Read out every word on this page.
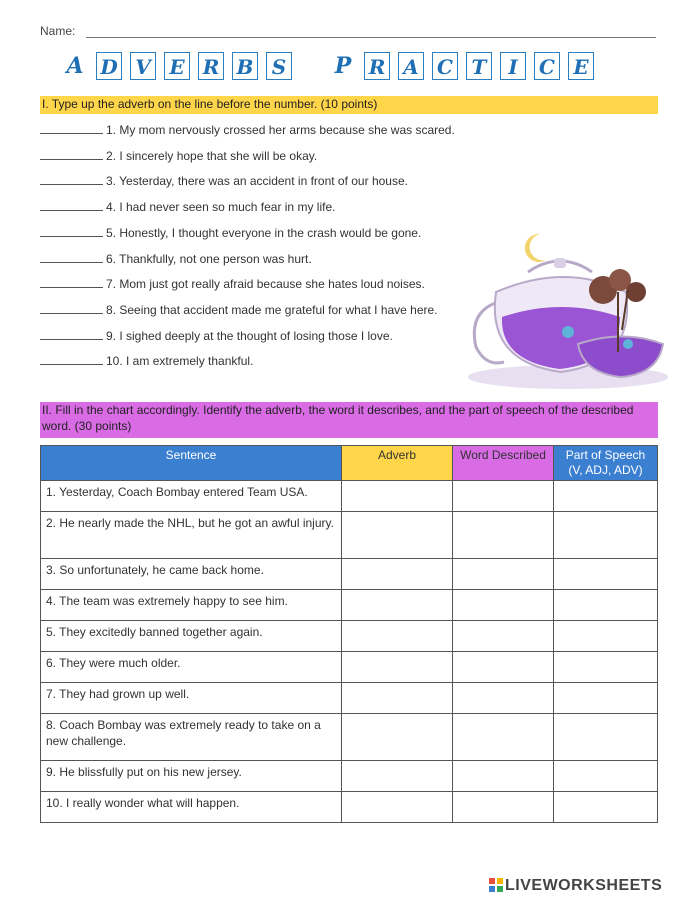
Name:
A D V E R B S P R A C T	I	C E
I. Type up the adverb on the line before the number. (10 points)
1. My mom nervously crossed her arms because she was scared.
2. I sincerely hope that she will be okay.
3. Yesterday, there was an accident in front of our house.
4. I had never seen so much fear in my life.
5. Honestly, I thought everyone in the crash would be gone.
6. Thankfully, not one person was hurt.
7. Mom just got really afraid because she hates loud noises.
8. Seeing that accident made me grateful for what I have here.
9. I sighed deeply at the thought of losing those I love.
10. I am extremely thankful.
II. Fill in the chart accordingly. Identify the adverb, the word it describes, and the part of speech of the described word. (30 points)
Sentence	Adverb	Word Described	Part of Speech (V, ADJ, ADV)
1. Yesterday, Coach Bombay entered Team USA.			
2. He nearly made the NHL, but he got an awful injury.			
3. So unfortunately, he came back home.			
4. The team was extremely happy to see him.			
5. They excitedly banned together again.			
6. They were much older.			
7. They had grown up well.			
8. Coach Bombay was extremely ready to take on a new challenge.			
9. He blissfully put on his new jersey.			
10. I really wonder what will happen.			
LIVEWORKSHEETS
